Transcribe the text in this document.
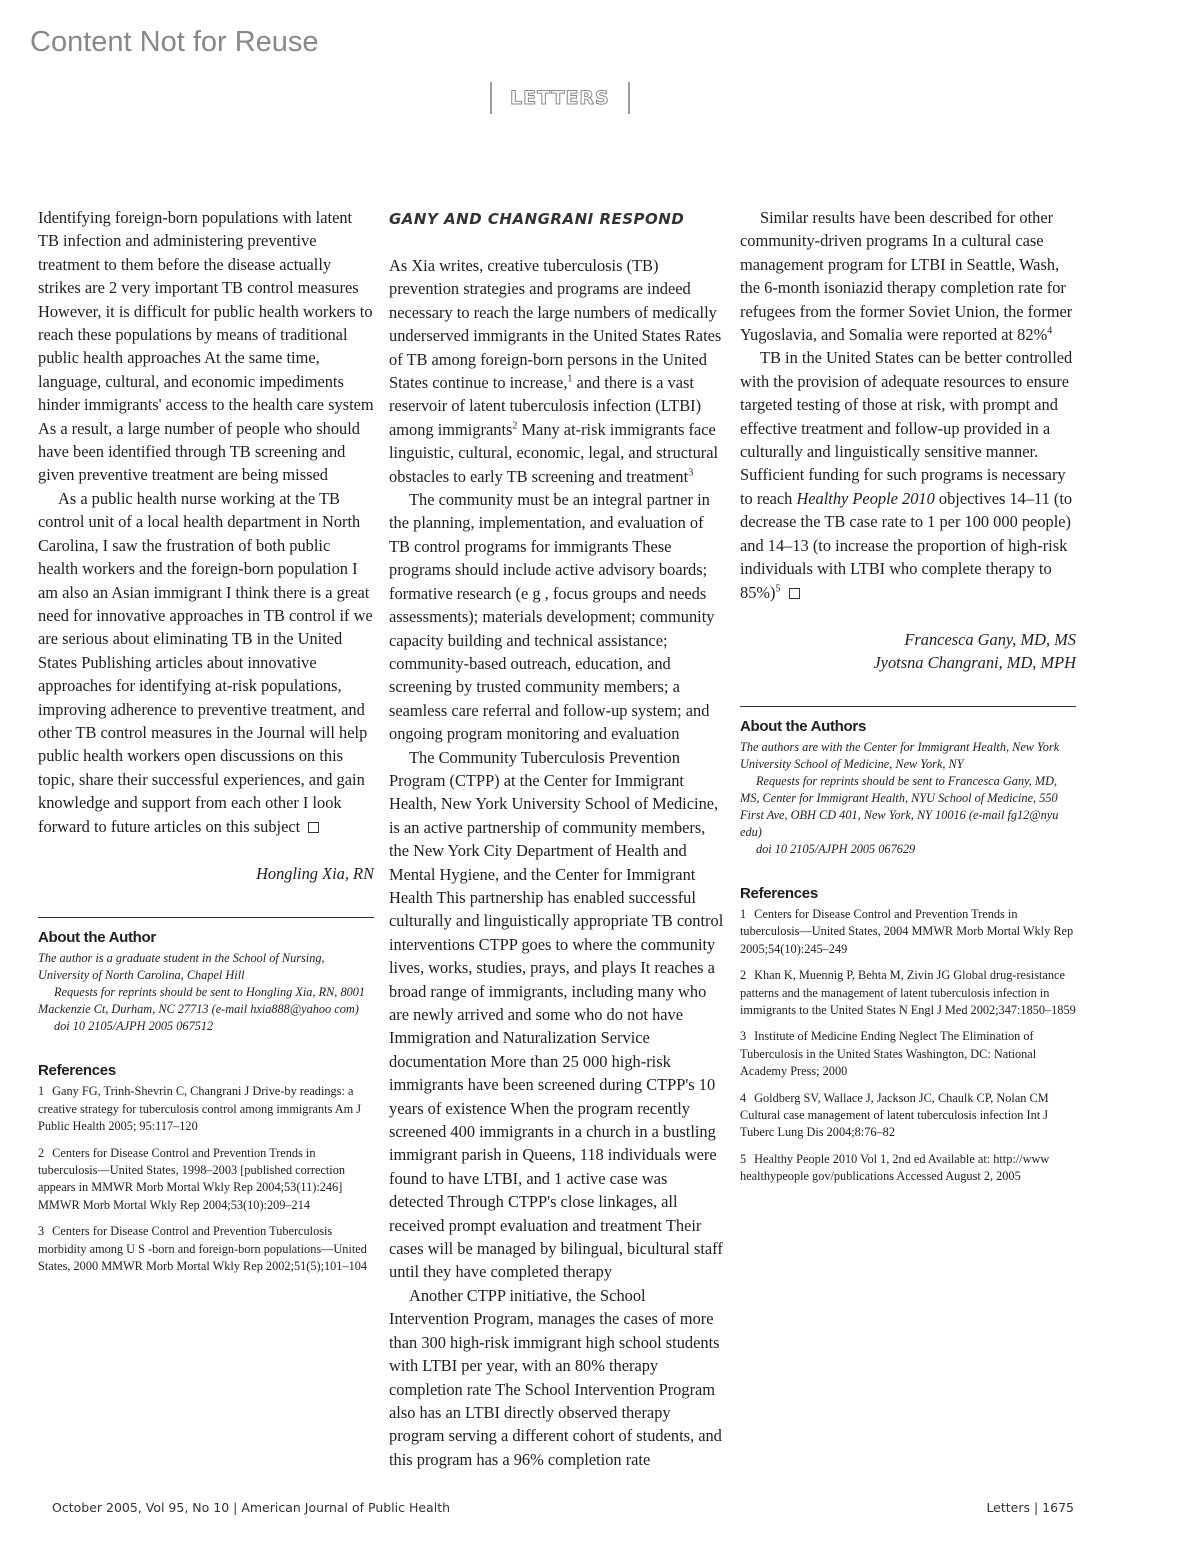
Content Not for Reuse
LETTERS

Identifying foreign-born populations with latent TB infection and administering preventive treatment to them before the disease actually strikes are 2 very important TB control measures However, it is difficult for public health workers to reach these populations by means of traditional public health approaches At the same time, language, cultural, and economic impediments hinder immigrants' access to the health care system As a result, a large number of people who should have been identified through TB screening and given preventive treatment are being missed

As a public health nurse working at the TB control unit of a local health department in North Carolina, I saw the frustration of both public health workers and the foreign-born population I am also an Asian immigrant I think there is a great need for innovative approaches in TB control if we are serious about eliminating TB in the United States Publishing articles about innovative approaches for identifying at-risk populations, improving adherence to preventive treatment, and other TB control measures in the Journal will help public health workers open discussions on this topic, share their successful experiences, and gain knowledge and support from each other I look forward to future articles on this subject

Hongling Xia, RN
About the Author

The author is a graduate student in the School of Nursing, University of North Carolina, Chapel Hill

Requests for reprints should be sent to Hongling Xia, RN, 8001 Mackenzie Ct, Durham, NC 27713 (e-mail hxia888@yahoo com)

doi 10 2105/AJPH 2005 067512

References
1 Gany FG, Trinh-Shevrin C, Changrani J Drive-by readings: a creative strategy for tuberculosis control among immigrants Am J Public Health 2005; 95:117–120
2 Centers for Disease Control and Prevention Trends in tuberculosis—United States, 1998–2003 [published correction appears in MMWR Morb Mortal Wkly Rep 2004;53(11):246] MMWR Morb Mortal Wkly Rep 2004;53(10):209–214
3 Centers for Disease Control and Prevention Tuberculosis morbidity among U S -born and foreign-born populations—United States, 2000 MMWR Morb Mortal Wkly Rep 2002;51(5);101–104
GANY AND CHANGRANI RESPOND

As Xia writes, creative tuberculosis (TB) prevention strategies and programs are indeed necessary to reach the large numbers of medically underserved immigrants in the United States Rates of TB among foreign-born persons in the United States continue to increase,$^1$ and there is a vast reservoir of latent tuberculosis infection (LTBI) among immigrants$^2$ Many at-risk immigrants face linguistic, cultural, economic, legal, and structural obstacles to early TB screening and treatment$^3$

The community must be an integral partner in the planning, implementation, and evaluation of TB control programs for immigrants These programs should include active advisory boards; formative research (e g , focus groups and needs assessments); materials development; community capacity building and technical assistance; community-based outreach, education, and screening by trusted community members; a seamless care referral and follow-up system; and ongoing program monitoring and evaluation

The Community Tuberculosis Prevention Program (CTPP) at the Center for Immigrant Health, New York University School of Medicine, is an active partnership of community members, the New York City Department of Health and Mental Hygiene, and the Center for Immigrant Health This partnership has enabled successful culturally and linguistically appropriate TB control interventions CTPP goes to where the community lives, works, studies, prays, and plays It reaches a broad range of immigrants, including many who are newly arrived and some who do not have Immigration and Naturalization Service documentation More than 25 000 high-risk immigrants have been screened during CTPP's 10 years of existence When the program recently screened 400 immigrants in a church in a bustling immigrant parish in Queens, 118 individuals were found to have LTBI, and 1 active case was detected Through CTPP's close linkages, all received prompt evaluation and treatment Their cases will be managed by bilingual, bicultural staff until they have completed therapy

Another CTPP initiative, the School Intervention Program, manages the cases of more than 300 high-risk immigrant high school students with LTBI per year, with an 80% therapy completion rate The School Intervention Program also has an LTBI directly observed therapy program serving a different cohort of students, and this program has a 96% completion rate

Similar results have been described for other community-driven programs In a cultural case management program for LTBI in Seattle, Wash, the 6-month isoniazid therapy completion rate for refugees from the former Soviet Union, the former Yugoslavia, and Somalia were reported at 82%$^4$

TB in the United States can be better controlled with the provision of adequate resources to ensure targeted testing of those at risk, with prompt and effective treatment and follow-up provided in a culturally and linguistically sensitive manner. Sufficient funding for such programs is necessary to reach Healthy People 2010 objectives 14–11 (to decrease the TB case rate to 1 per 100 000 people) and 14–13 (to increase the proportion of high-risk individuals with LTBI who complete therapy to 85%)$^5$

Francesca Gany, MD, MS
Jyotsna Changrani, MD, MPH
About the Authors

The authors are with the Center for Immigrant Health, New York University School of Medicine, New York, NY

Requests for reprints should be sent to Francesca Gany, MD, MS, Center for Immigrant Health, NYU School of Medicine, 550 First Ave, OBH CD 401, New York, NY 10016 (e-mail fg12@nyu edu)

doi 10 2105/AJPH 2005 067629

References
1 Centers for Disease Control and Prevention Trends in tuberculosis—United States, 2004 MMWR Morb Mortal Wkly Rep 2005;54(10):245–249
2 Khan K, Muennig P, Behta M, Zivin JG Global drug-resistance patterns and the management of latent tuberculosis infection in immigrants to the United States N Engl J Med 2002;347:1850–1859
3 Institute of Medicine Ending Neglect The Elimination of Tuberculosis in the United States Washington, DC: National Academy Press; 2000
4 Goldberg SV, Wallace J, Jackson JC, Chaulk CP, Nolan CM Cultural case management of latent tuberculosis infection Int J Tuberc Lung Dis 2004;8:76–82
5 Healthy People 2010 Vol 1, 2nd ed Available at: http://www healthypeople gov/publications Accessed August 2, 2005
October 2005, Vol 95, No 10 | American Journal of Public Health	Letters | 1675
